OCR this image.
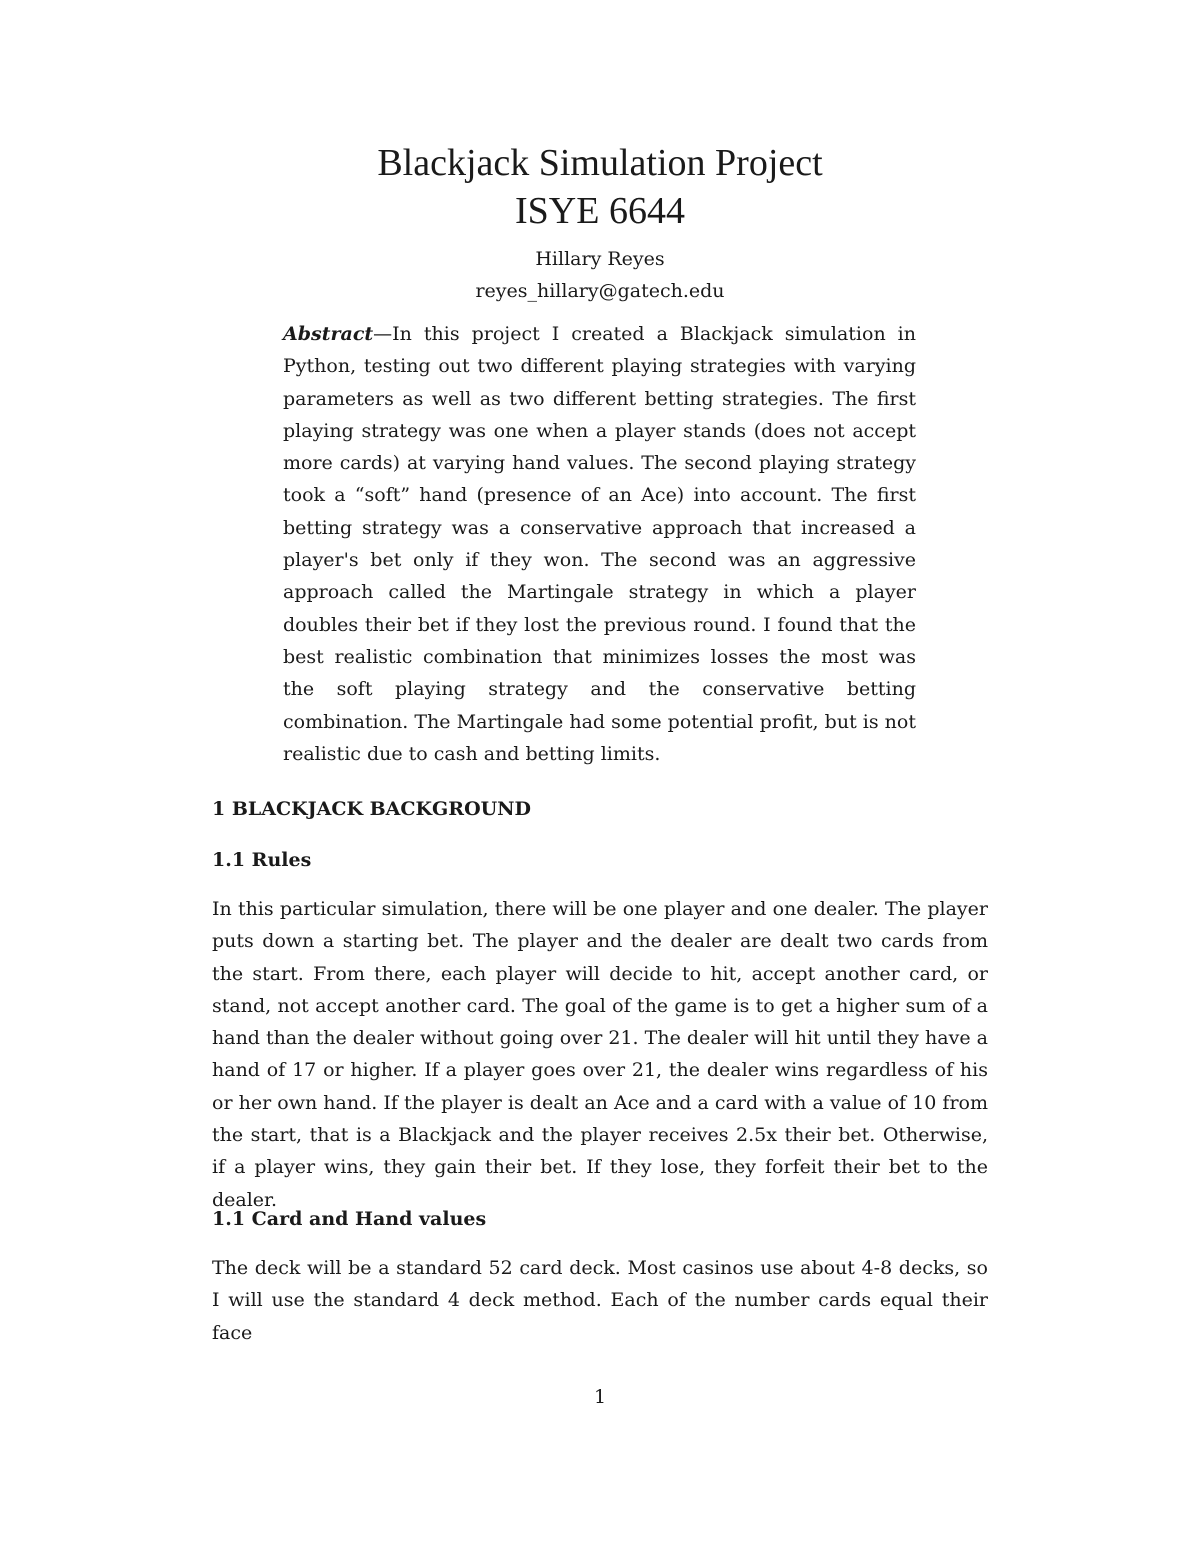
Blackjack Simulation Project
ISYE 6644
Hillary Reyes
reyes_hillary@gatech.edu

Abstract—In this project I created a Blackjack simulation in Python, testing out two different playing strategies with varying parameters as well as two different betting strategies. The first playing strategy was one when a player stands (does not accept more cards) at varying hand values. The second playing strategy took a “soft” hand (presence of an Ace) into account. The first betting strategy was a conservative approach that increased a player's bet only if they won. The second was an aggressive approach called the Martingale strategy in which a player doubles their bet if they lost the previous round. I found that the best realistic combination that minimizes losses the most was the soft playing strategy and the conservative betting combination. The Martingale had some potential profit, but is not realistic due to cash and betting limits.

1 BLACKJACK BACKGROUND
1.1 Rules

In this particular simulation, there will be one player and one dealer. The player puts down a starting bet. The player and the dealer are dealt two cards from the start. From there, each player will decide to hit, accept another card, or stand, not accept another card. The goal of the game is to get a higher sum of a hand than the dealer without going over 21. The dealer will hit until they have a hand of 17 or higher. If a player goes over 21, the dealer wins regardless of his or her own hand. If the player is dealt an Ace and a card with a value of 10 from the start, that is a Blackjack and the player receives 2.5x their bet. Otherwise, if a player wins, they gain their bet. If they lose, they forfeit their bet to the dealer.

1.1 Card and Hand values

The deck will be a standard 52 card deck. Most casinos use about 4-8 decks, so I will use the standard 4 deck method. Each of the number cards equal their face

1
